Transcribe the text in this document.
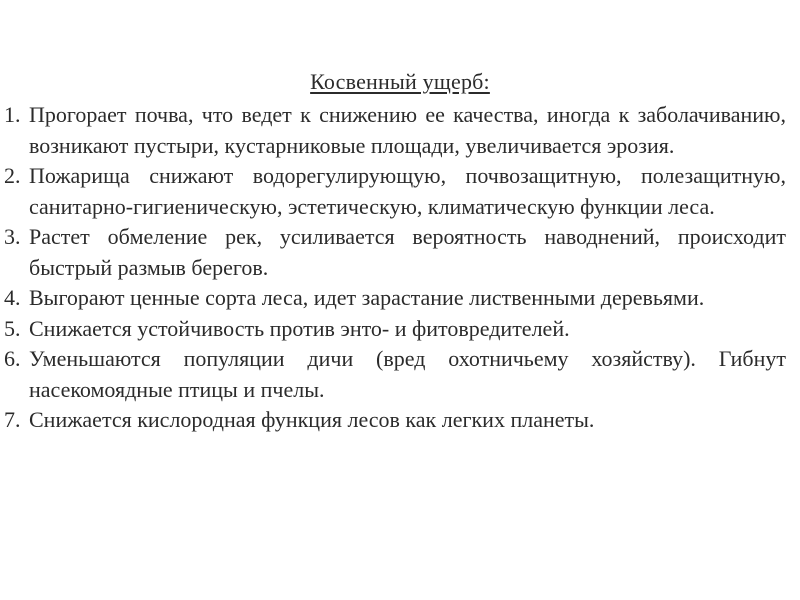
Косвенный ущерб:
1. Прогорает почва, что ведет к снижению ее качества, иногда к заболачиванию, возникают пустыри, кустарниковые площади, увеличивается эрозия.
2. Пожарища снижают водорегулирующую, почвозащитную, полезащитную, санитарно-гигиеническую, эстетическую, климатическую функции леса.
3. Растет обмеление рек, усиливается вероятность наводнений, происходит быстрый размыв берегов.
4. Выгорают ценные сорта леса, идет зарастание лиственными деревьями.
5. Снижается устойчивость против энто- и фитовредителей.
6. Уменьшаются популяции дичи (вред охотничьему хозяйству). Гибнут насекомоядные птицы и пчелы.
7. Снижается кислородная функция лесов как легких планеты.
